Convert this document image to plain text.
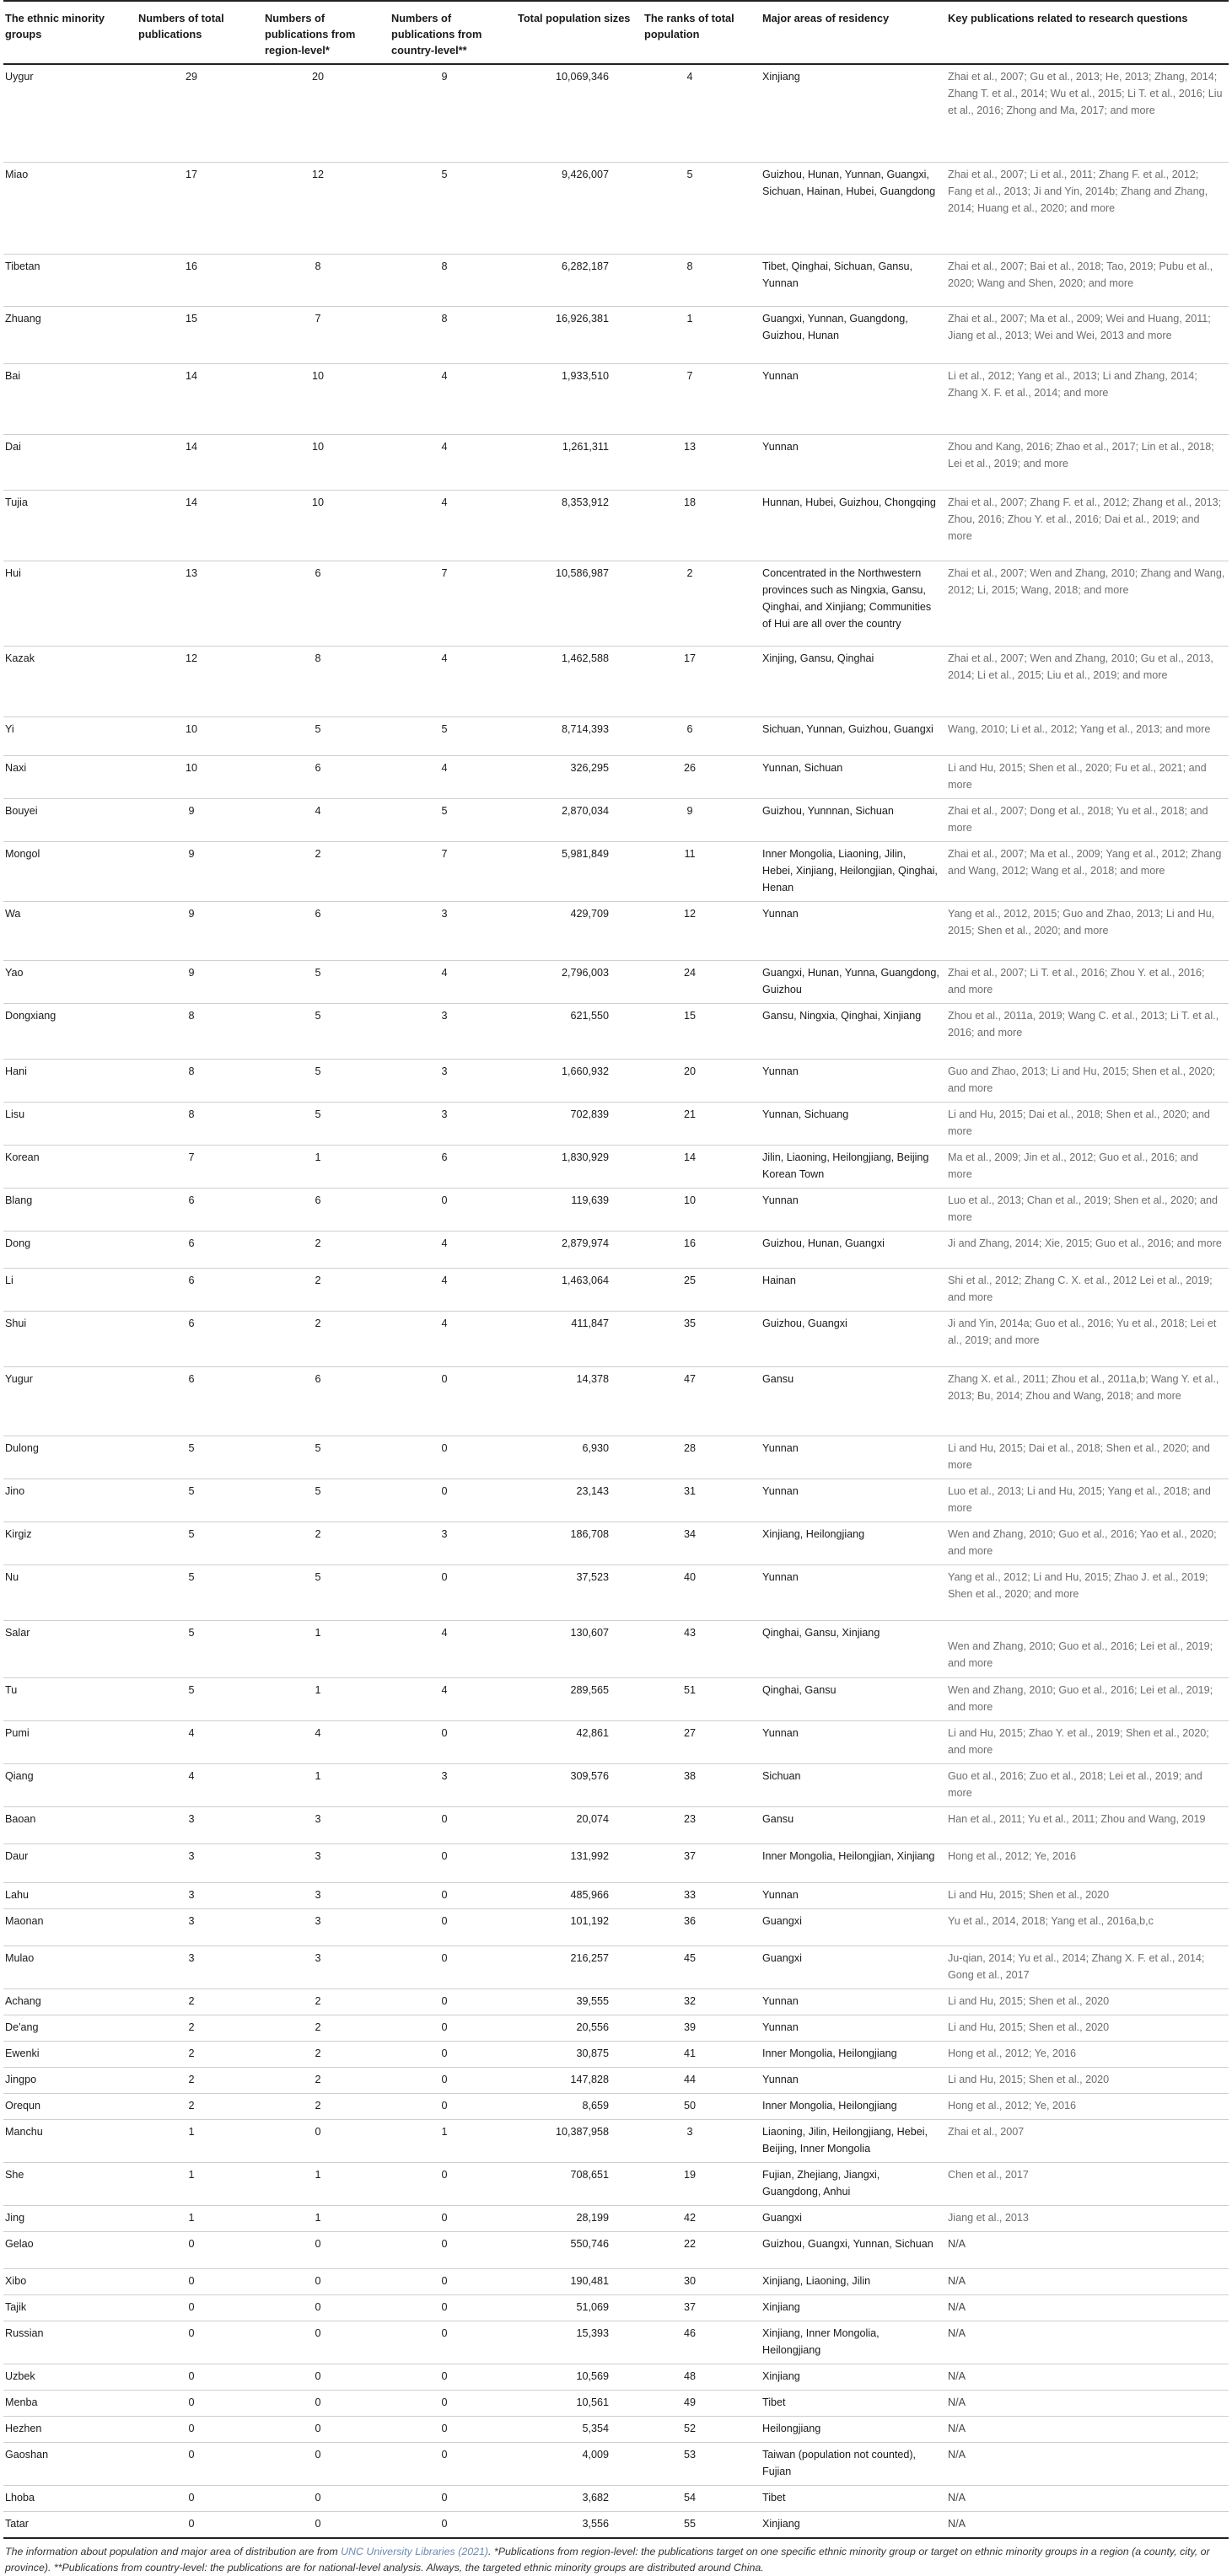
The ethnic minority groups	Numbers of total publications	Numbers of publications from region-level*	Numbers of publications from country-level**	Total population sizes	The ranks of total population	Major areas of residency	Key publications related to research questions
Uygur	29	20	9	10,069,346	4	Xinjiang	Zhai et al., 2007; Gu et al., 2013; He, 2013; Zhang, 2014; Zhang T. et al., 2014; Wu et al., 2015; Li T. et al., 2016; Liu et al., 2016; Zhong and Ma, 2017; and more
Miao	17	12	5	9,426,007	5	Guizhou, Hunan, Yunnan, Guangxi, Sichuan, Hainan, Hubei, Guangdong	Zhai et al., 2007; Li et al., 2011; Zhang F. et al., 2012; Fang et al., 2013; Ji and Yin, 2014b; Zhang and Zhang, 2014; Huang et al., 2020; and more
Tibetan	16	8	8	6,282,187	8	Tibet, Qinghai, Sichuan, Gansu, Yunnan	Zhai et al., 2007; Bai et al., 2018; Tao, 2019; Pubu et al., 2020; Wang and Shen, 2020; and more
Zhuang	15	7	8	16,926,381	1	Guangxi, Yunnan, Guangdong, Guizhou, Hunan	Zhai et al., 2007; Ma et al., 2009; Wei and Huang, 2011; Jiang et al., 2013; Wei and Wei, 2013 and more
Bai	14	10	4	1,933,510	7	Yunnan	Li et al., 2012; Yang et al., 2013; Li and Zhang, 2014; Zhang X. F. et al., 2014; and more
Dai	14	10	4	1,261,311	13	Yunnan	Zhou and Kang, 2016; Zhao et al., 2017; Lin et al., 2018; Lei et al., 2019; and more
Tujia	14	10	4	8,353,912	18	Hunnan, Hubei, Guizhou, Chongqing	Zhai et al., 2007; Zhang F. et al., 2012; Zhang et al., 2013; Zhou, 2016; Zhou Y. et al., 2016; Dai et al., 2019; and more
Hui	13	6	7	10,586,987	2	Concentrated in the Northwestern provinces such as Ningxia, Gansu, Qinghai, and Xinjiang; Communities of Hui are all over the country	Zhai et al., 2007; Wen and Zhang, 2010; Zhang and Wang, 2012; Li, 2015; Wang, 2018; and more
Kazak	12	8	4	1,462,588	17	Xinjing, Gansu, Qinghai	Zhai et al., 2007; Wen and Zhang, 2010; Gu et al., 2013, 2014; Li et al., 2015; Liu et al., 2019; and more
Yi	10	5	5	8,714,393	6	Sichuan, Yunnan, Guizhou, Guangxi	Wang, 2010; Li et al., 2012; Yang et al., 2013; and more
Naxi	10	6	4	326,295	26	Yunnan, Sichuan	Li and Hu, 2015; Shen et al., 2020; Fu et al., 2021; and more
Bouyei	9	4	5	2,870,034	9	Guizhou, Yunnnan, Sichuan	Zhai et al., 2007; Dong et al., 2018; Yu et al., 2018; and more
Mongol	9	2	7	5,981,849	11	Inner Mongolia, Liaoning, Jilin, Hebei, Xinjiang, Heilongjian, Qinghai, Henan	Zhai et al., 2007; Ma et al., 2009; Yang et al., 2012; Zhang and Wang, 2012; Wang et al., 2018; and more
Wa	9	6	3	429,709	12	Yunnan	Yang et al., 2012, 2015; Guo and Zhao, 2013; Li and Hu, 2015; Shen et al., 2020; and more
Yao	9	5	4	2,796,003	24	Guangxi, Hunan, Yunna, Guangdong, Guizhou	Zhai et al., 2007; Li T. et al., 2016; Zhou Y. et al., 2016; and more
Dongxiang	8	5	3	621,550	15	Gansu, Ningxia, Qinghai, Xinjiang	Zhou et al., 2011a, 2019; Wang C. et al., 2013; Li T. et al., 2016; and more
Hani	8	5	3	1,660,932	20	Yunnan	Guo and Zhao, 2013; Li and Hu, 2015; Shen et al., 2020; and more
Lisu	8	5	3	702,839	21	Yunnan, Sichuang	Li and Hu, 2015; Dai et al., 2018; Shen et al., 2020; and more
Korean	7	1	6	1,830,929	14	Jilin, Liaoning, Heilongjiang, Beijing Korean Town	Ma et al., 2009; Jin et al., 2012; Guo et al., 2016; and more
Blang	6	6	0	119,639	10	Yunnan	Luo et al., 2013; Chan et al., 2019; Shen et al., 2020; and more
Dong	6	2	4	2,879,974	16	Guizhou, Hunan, Guangxi	Ji and Zhang, 2014; Xie, 2015; Guo et al., 2016; and more
Li	6	2	4	1,463,064	25	Hainan	Shi et al., 2012; Zhang C. X. et al., 2012 Lei et al., 2019; and more
Shui	6	2	4	411,847	35	Guizhou, Guangxi	Ji and Yin, 2014a; Guo et al., 2016; Yu et al., 2018; Lei et al., 2019; and more
Yugur	6	6	0	14,378	47	Gansu	Zhang X. et al., 2011; Zhou et al., 2011a,b; Wang Y. et al., 2013; Bu, 2014; Zhou and Wang, 2018; and more
Dulong	5	5	0	6,930	28	Yunnan	Li and Hu, 2015; Dai et al., 2018; Shen et al., 2020; and more
Jino	5	5	0	23,143	31	Yunnan	Luo et al., 2013; Li and Hu, 2015; Yang et al., 2018; and more
Kirgiz	5	2	3	186,708	34	Xinjiang, Heilongjiang	Wen and Zhang, 2010; Guo et al., 2016; Yao et al., 2020; and more
Nu	5	5	0	37,523	40	Yunnan	Yang et al., 2012; Li and Hu, 2015; Zhao J. et al., 2019; Shen et al., 2020; and more
Salar	5	1	4	130,607	43	Qinghai, Gansu, Xinjiang	Wen and Zhang, 2010; Guo et al., 2016; Lei et al., 2019; and more
Tu	5	1	4	289,565	51	Qinghai, Gansu	Wen and Zhang, 2010; Guo et al., 2016; Lei et al., 2019; and more
Pumi	4	4	0	42,861	27	Yunnan	Li and Hu, 2015; Zhao Y. et al., 2019; Shen et al., 2020; and more
Qiang	4	1	3	309,576	38	Sichuan	Guo et al., 2016; Zuo et al., 2018; Lei et al., 2019; and more
Baoan	3	3	0	20,074	23	Gansu	Han et al., 2011; Yu et al., 2011; Zhou and Wang, 2019
Daur	3	3	0	131,992	37	Inner Mongolia, Heilongjian, Xinjiang	Hong et al., 2012; Ye, 2016
Lahu	3	3	0	485,966	33	Yunnan	Li and Hu, 2015; Shen et al., 2020
Maonan	3	3	0	101,192	36	Guangxi	Yu et al., 2014, 2018; Yang et al., 2016a,b,c
Mulao	3	3	0	216,257	45	Guangxi	Ju-qian, 2014; Yu et al., 2014; Zhang X. F. et al., 2014; Gong et al., 2017
Achang	2	2	0	39,555	32	Yunnan	Li and Hu, 2015; Shen et al., 2020
De'ang	2	2	0	20,556	39	Yunnan	Li and Hu, 2015; Shen et al., 2020
Ewenki	2	2	0	30,875	41	Inner Mongolia, Heilongjiang	Hong et al., 2012; Ye, 2016
Jingpo	2	2	0	147,828	44	Yunnan	Li and Hu, 2015; Shen et al., 2020
Orequn	2	2	0	8,659	50	Inner Mongolia, Heilongjiang	Hong et al., 2012; Ye, 2016
Manchu	1	0	1	10,387,958	3	Liaoning, Jilin, Heilongjiang, Hebei, Beijing, Inner Mongolia	Zhai et al., 2007
She	1	1	0	708,651	19	Fujian, Zhejiang, Jiangxi, Guangdong, Anhui	Chen et al., 2017
Jing	1	1	0	28,199	42	Guangxi	Jiang et al., 2013
Gelao	0	0	0	550,746	22	Guizhou, Guangxi, Yunnan, Sichuan	N/A
Xibo	0	0	0	190,481	30	Xinjiang, Liaoning, Jilin	N/A
Tajik	0	0	0	51,069	37	Xinjiang	N/A
Russian	0	0	0	15,393	46	Xinjiang, Inner Mongolia, Heilongjiang	N/A
Uzbek	0	0	0	10,569	48	Xinjiang	N/A
Menba	0	0	0	10,561	49	Tibet	N/A
Hezhen	0	0	0	5,354	52	Heilongjiang	N/A
Gaoshan	0	0	0	4,009	53	Taiwan (population not counted), Fujian	N/A
Lhoba	0	0	0	3,682	54	Tibet	N/A
Tatar	0	0	0	3,556	55	Xinjiang	N/A
The information about population and major area of distribution are from UNC University Libraries (2021). *Publications from region-level: the publications target on one specific ethnic minority group or target on ethnic minority groups in a region (a county, city, or province). **Publications from country-level: the publications are for national-level analysis. Always, the targeted ethnic minority groups are distributed around China.
